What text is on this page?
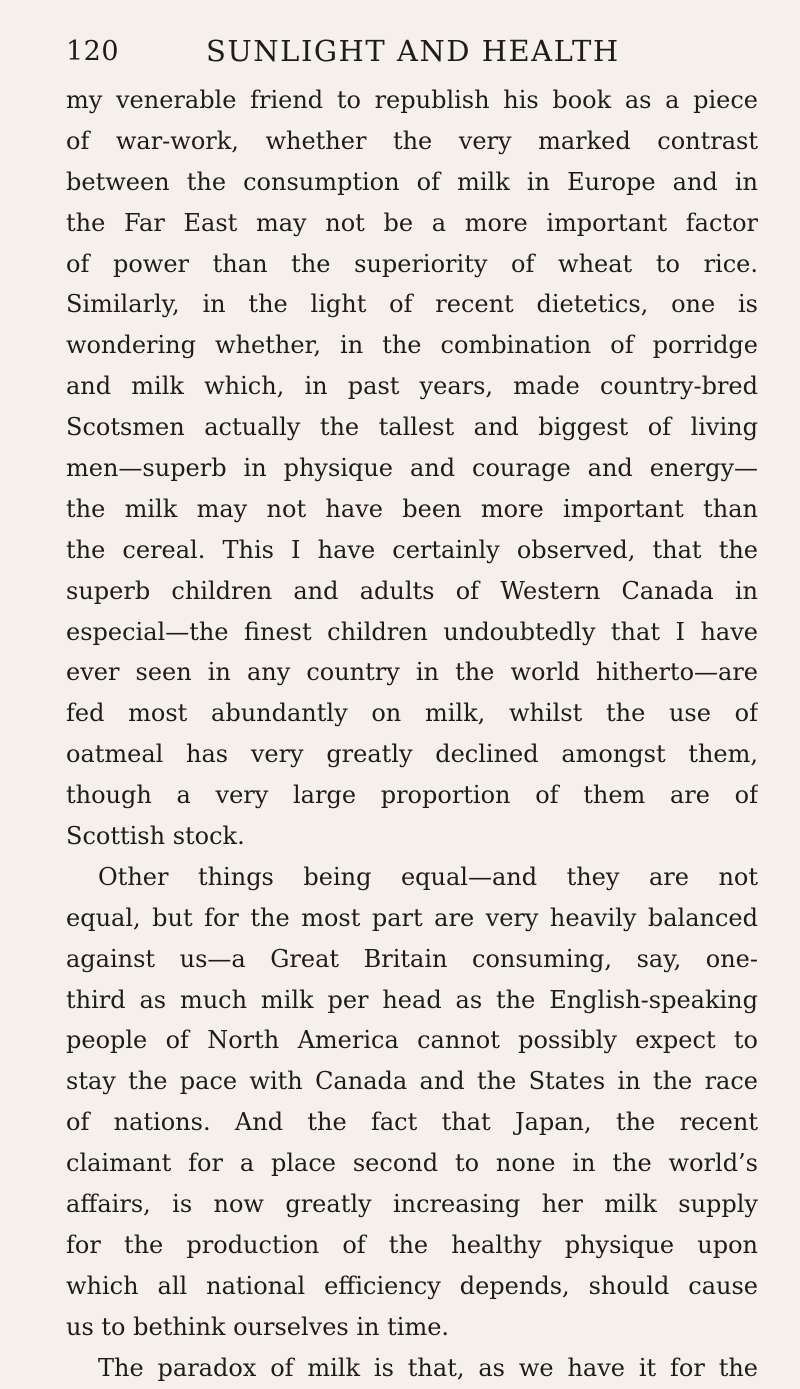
120	SUNLIGHT AND HEALTH
my venerable friend to republish his book as a piece
of war-work, whether the very marked contrast
between the consumption of milk in Europe and in
the Far East may not be a more important factor
of power than the superiority of wheat to rice.
Similarly, in the light of recent dietetics, one is
wondering whether, in the combination of porridge
and milk which, in past years, made country-bred
Scotsmen actually the tallest and biggest of living
men—superb in physique and courage and energy—
the milk may not have been more important than
the cereal. This I have certainly observed, that the
superb children and adults of Western Canada in
especial—the finest children undoubtedly that I have
ever seen in any country in the world hitherto—are
fed most abundantly on milk, whilst the use of
oatmeal has very greatly declined amongst them,
though a very large proportion of them are of
Scottish stock.
Other things being equal—and they are not
equal, but for the most part are very heavily balanced
against us—a Great Britain consuming, say, one-
third as much milk per head as the English-speaking
people of North America cannot possibly expect to
stay the pace with Canada and the States in the race
of nations. And the fact that Japan, the recent
claimant for a place second to none in the world’s
affairs, is now greatly increasing her milk supply
for the production of the healthy physique upon
which all national efficiency depends, should cause
us to bethink ourselves in time.
The paradox of milk is that, as we have it for the
